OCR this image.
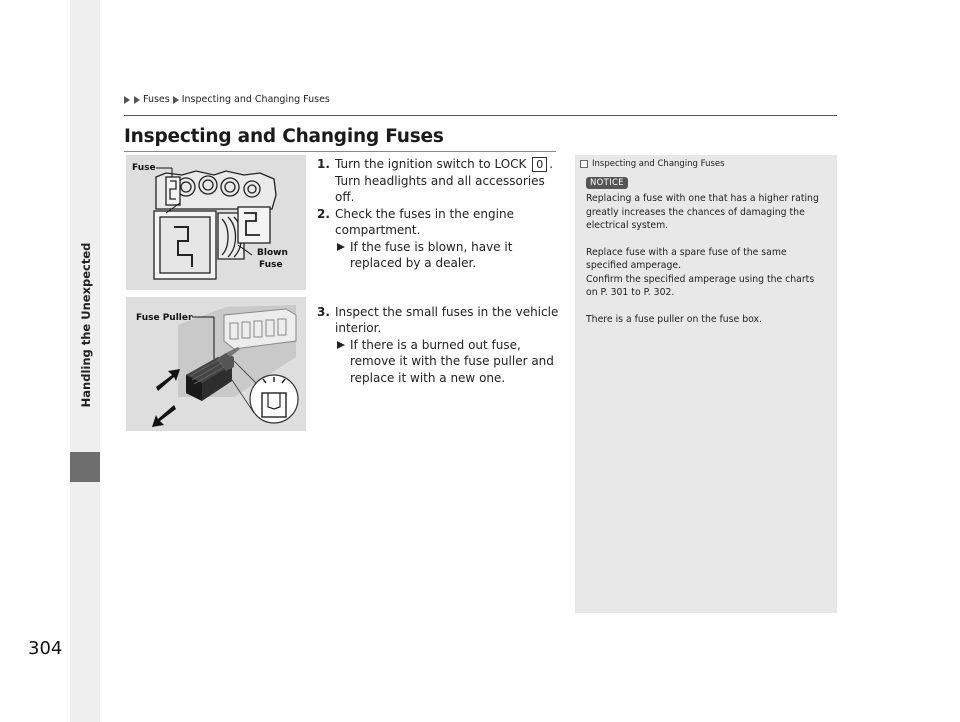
Handling the Unexpected
Fuses Inspecting and Changing Fuses
Inspecting and Changing Fuses
Fuse
Blown
Fuse
Fuse Puller
1. Turn the ignition switch to LOCK 0 . Turn headlights and all accessories off.
2. Check the fuses in the engine compartment.
If the fuse is blown, have it replaced by a dealer.
3. Inspect the small fuses in the vehicle interior.
If there is a burned out fuse, remove it with the fuse puller and replace it with a new one.
Inspecting and Changing Fuses
NOTICE

Replacing a fuse with one that has a higher rating greatly increases the chances of damaging the electrical system.

Replace fuse with a spare fuse of the same specified amperage.

Confirm the specified amperage using the charts on P. 301 to P. 302.

There is a fuse puller on the fuse box.

304
